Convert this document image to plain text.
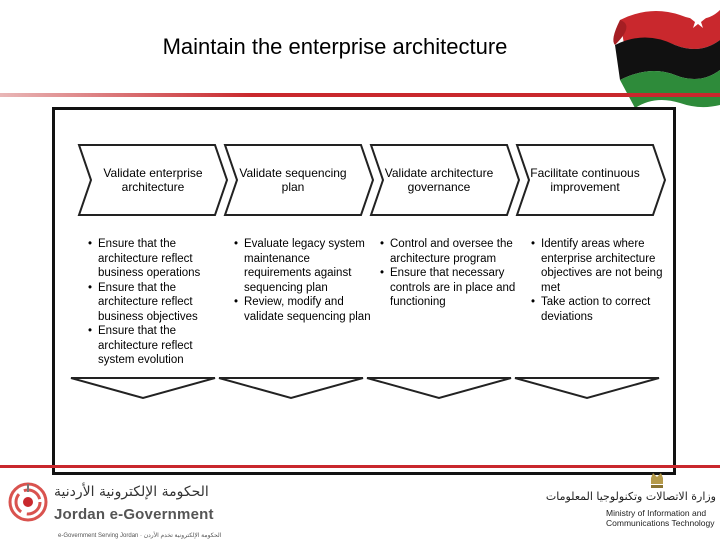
Maintain the enterprise architecture
Validate enterprise architecture
Validate sequencing plan
Validate architecture governance
Facilitate continuous improvement
• Ensure that the architecture reflect business operations
• Ensure that the architecture reflect business objectives
• Ensure that the architecture reflect system evolution
• Evaluate legacy system maintenance requirements against sequencing plan
• Review, modify and validate sequencing plan
• Control and oversee the architecture program
• Ensure that necessary controls are in place and functioning
• Identify areas where enterprise architecture objectives are not being met
• Take action to correct deviations
الحكومة الإلكترونية الأردنية
Jordan e-Government
e-Government Serving Jordan · الحكومة الإلكترونية تخدم الأردن
وزارة الاتصالات وتكنولوجيا المعلومات
Ministry of Information and
Communications Technology
